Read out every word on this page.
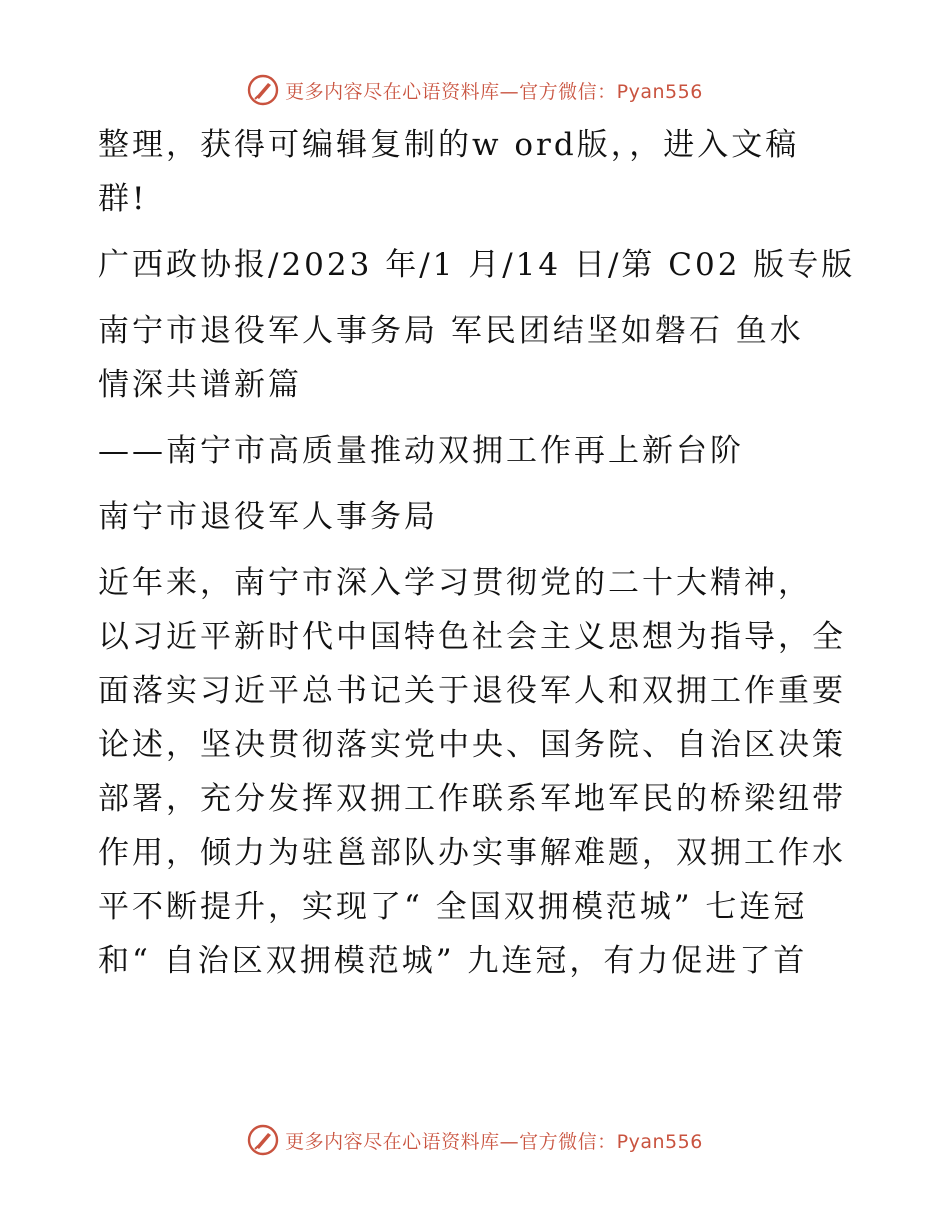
更多内容尽在心语资料库—官方微信：Pyan556
整理，获得可编辑复制的w ord版，，进入文稿
群!
广西政协报/2023 年/1 月/14 日/第 C02 版专版
南宁市退役军人事务局 军民团结坚如磐石 鱼水
情深共谱新篇
——南宁市高质量推动双拥工作再上新台阶
南宁市退役军人事务局
近年来，南宁市深入学习贯彻党的二十大精神，
以习近平新时代中国特色社会主义思想为指导，全
面落实习近平总书记关于退役军人和双拥工作重要
论述，坚决贯彻落实党中央、国务院、自治区决策
部署，充分发挥双拥工作联系军地军民的桥梁纽带
作用，倾力为驻邕部队办实事解难题，双拥工作水
平不断提升，实现了“ 全国双拥模范城” 七连冠
和“ 自治区双拥模范城” 九连冠，有力促进了首
更多内容尽在心语资料库—官方微信：Pyan556
